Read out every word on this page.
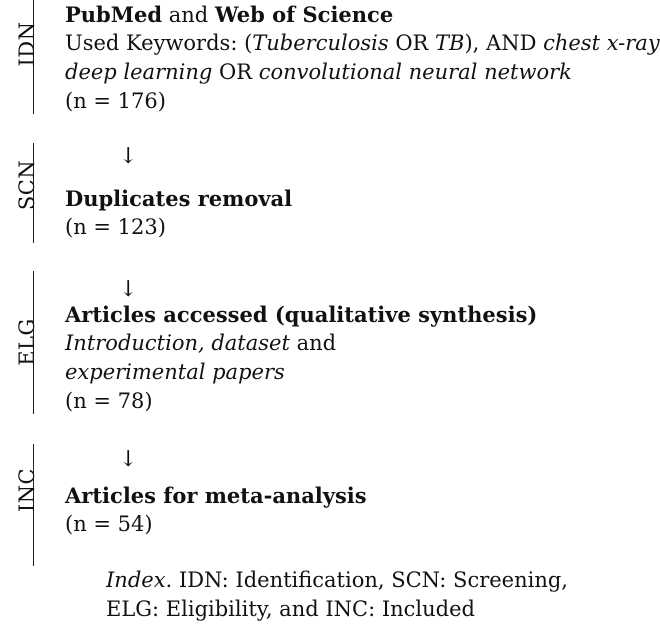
IDN
SCN
ELG
INC
PubMed and Web of Science
Used Keywords: (Tuberculosis OR TB), AND chest x-ray
deep learning OR convolutional neural network
(n = 176)
↓
Duplicates removal
(n = 123)
↓
Articles accessed (qualitative synthesis)
Introduction, dataset and
experimental papers
(n = 78)
↓
Articles for meta-analysis
(n = 54)
Index. IDN: Identification, SCN: Screening,
ELG: Eligibility, and INC: Included
